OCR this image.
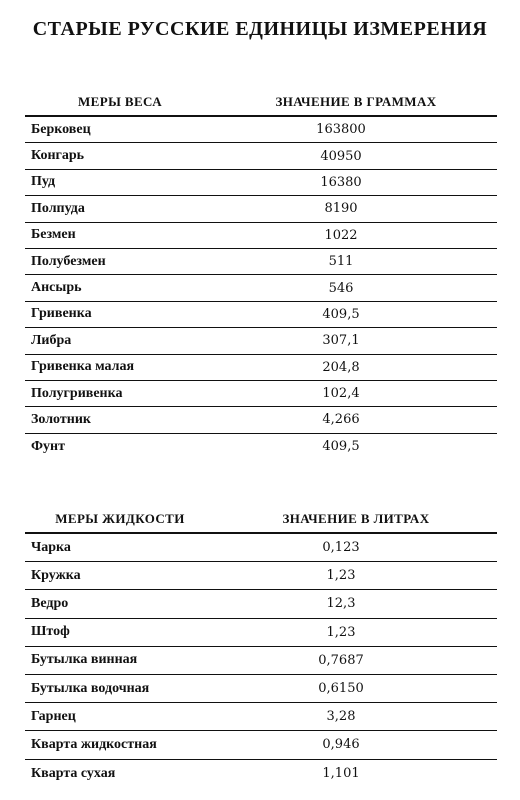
СТАРЫЕ РУССКИЕ ЕДИНИЦЫ ИЗМЕРЕНИЯ
МЕРЫ ВЕСА	ЗНАЧЕНИЕ В ГРАММАХ
Берковец	163800
Конгарь	40950
Пуд	16380
Полпуда	8190
Безмен	1022
Полубезмен	511
Ансырь	546
Гривенка	409,5
Либра	307,1
Гривенка малая	204,8
Полугривенка	102,4
Золотник	4,266
Фунт	409,5
МЕРЫ ЖИДКОСТИ	ЗНАЧЕНИЕ В ЛИТРАХ
Чарка	0,123
Кружка	1,23
Ведро	12,3
Штоф	1,23
Бутылка винная	0,7687
Бутылка водочная	0,6150
Гарнец	3,28
Кварта жидкостная	0,946
Кварта сухая	1,101
